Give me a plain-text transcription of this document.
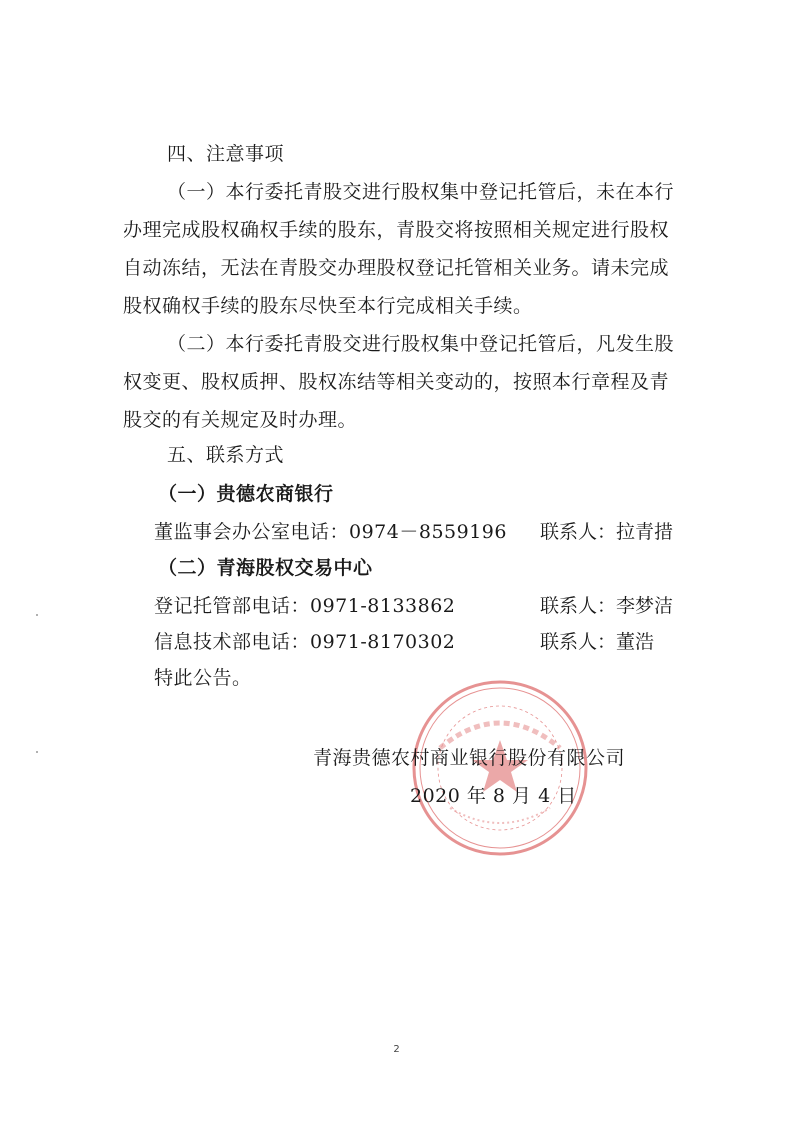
四、注意事项
（一）本行委托青股交进行股权集中登记托管后，未在本行
办理完成股权确权手续的股东，青股交将按照相关规定进行股权
自动冻结，无法在青股交办理股权登记托管相关业务。请未完成
股权确权手续的股东尽快至本行完成相关手续。
（二）本行委托青股交进行股权集中登记托管后，凡发生股
权变更、股权质押、股权冻结等相关变动的，按照本行章程及青
股交的有关规定及时办理。
五、联系方式
（一）贵德农商银行
董监事会办公室电话：0974－8559196 联系人：拉青措
（二）青海股权交易中心
登记托管部电话：0971-8133862	联系人：李梦洁
信息技术部电话：0971-8170302	联系人：董浩
特此公告。
青海贵德农村商业银行股份有限公司
2020 年 8 月 4 日
2
